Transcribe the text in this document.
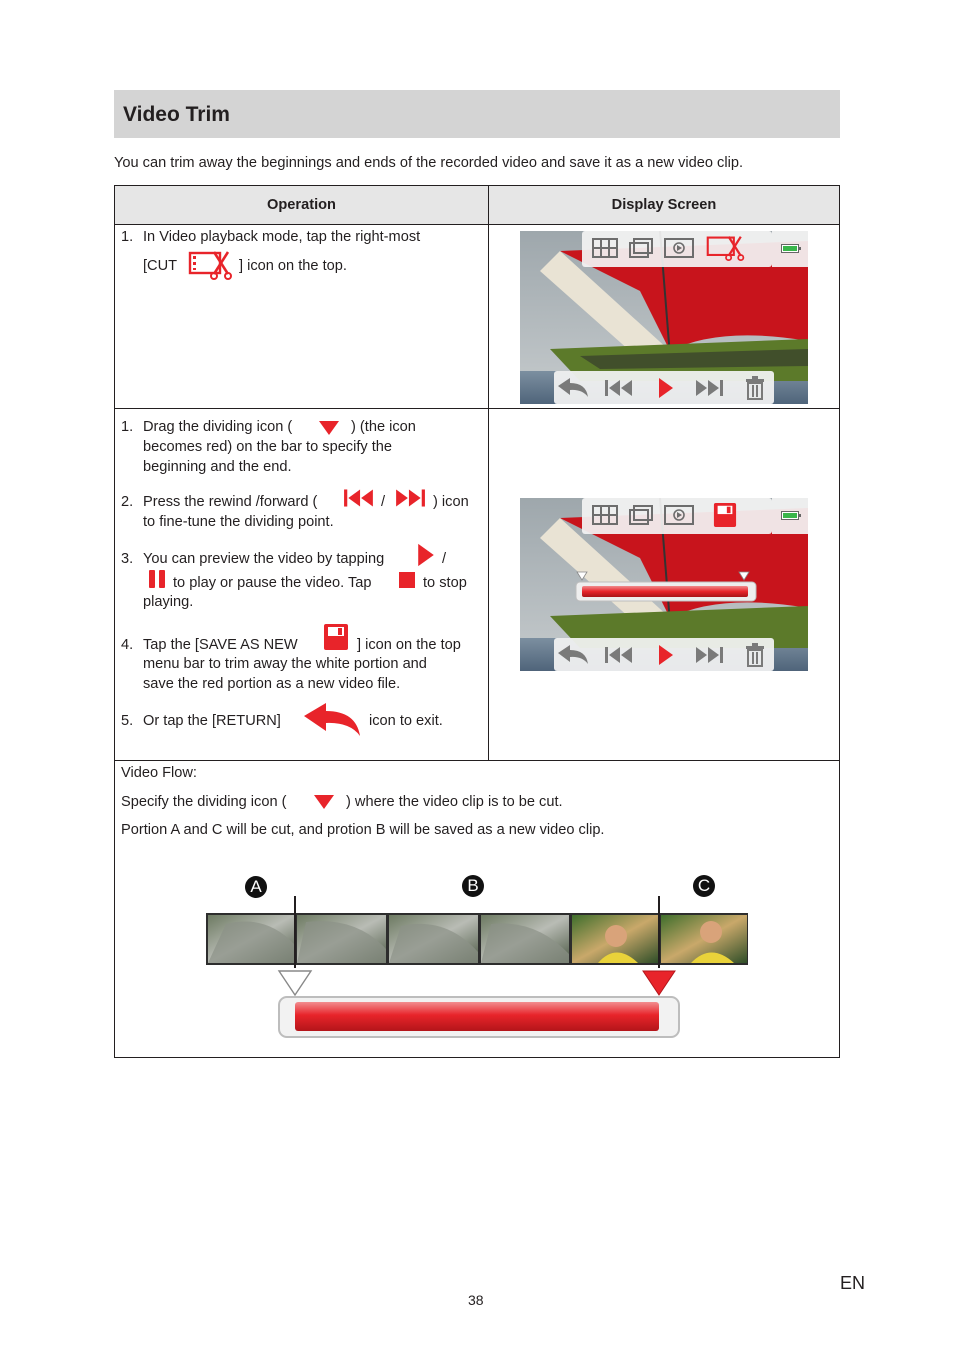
Video Trim
You can trim away the beginnings and ends of the recorded video and save it as a new video clip.
Operation	Display Screen
1. In Video playback mode, tap the right-most
[CUT	] icon on the top.
1. Drag the dividing icon (	) (the icon
becomes red) on the bar to specify the
beginning and the end.
2. Press the rewind /forward (	/	) icon
to fine-tune the dividing point.
3. You can preview the video by tapping	/
to play or pause the video. Tap	to stop
playing.
4. Tap the [SAVE AS NEW	] icon on the top
menu bar to trim away the white portion and
save the red portion as a new video file.
5. Or tap the [RETURN]	icon to exit.
Video Flow:
Specify the dividing icon (	) where the video clip is to be cut.
Portion A and C will be cut, and protion B will be saved as a new video clip.
A	B	C
38
EN
